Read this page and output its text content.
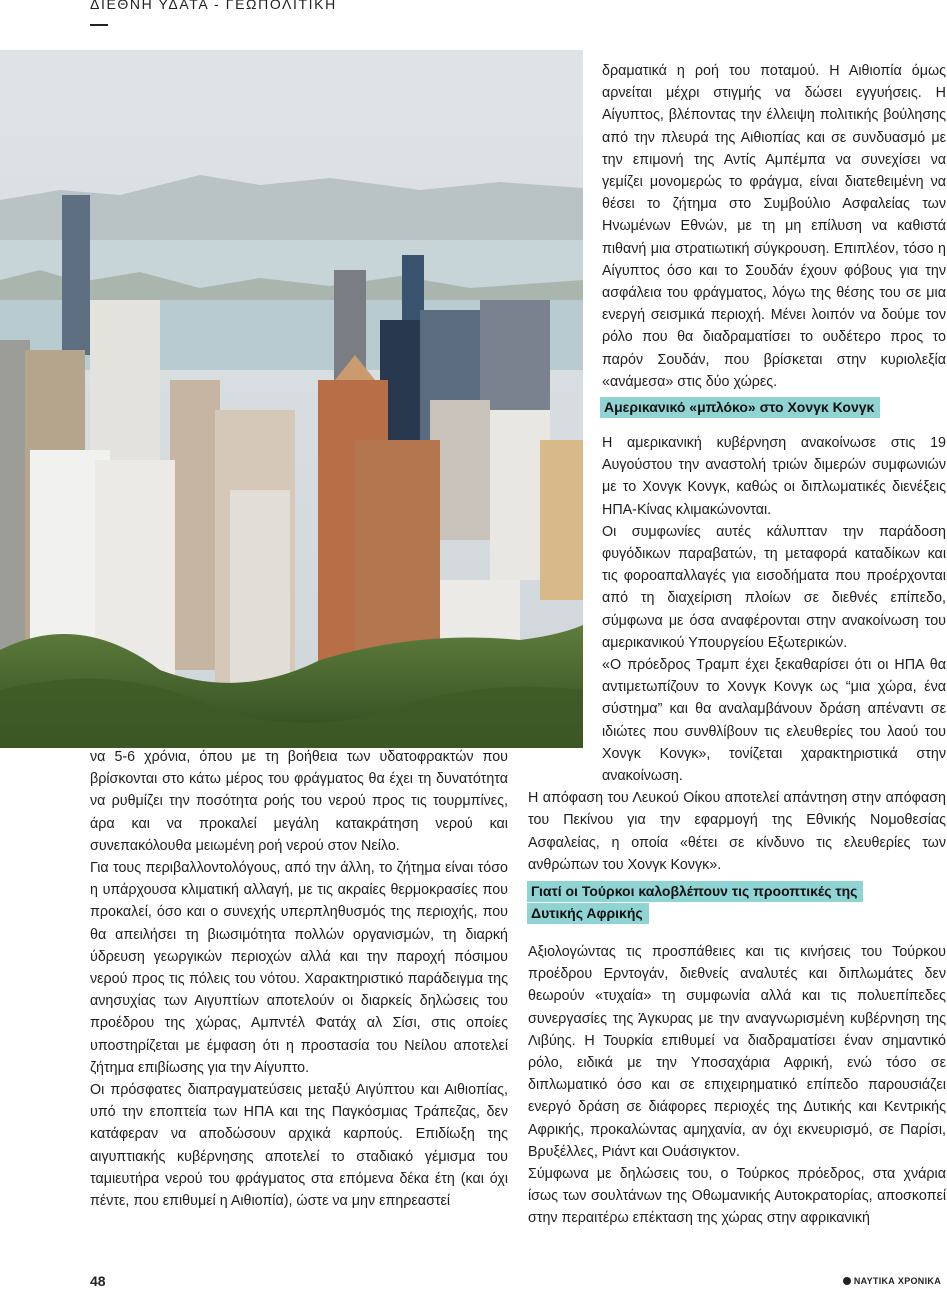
ΔΙΕΘΝΗ ΥΔΑΤΑ - ΓΕΩΠΟΛΙΤΙΚΗ

δραματικά η ροή του ποταμού. Η Αιθιοπία όμως αρνείται μέχρι στιγμής να δώσει εγγυήσεις. Η Αίγυπτος, βλέποντας την έλλειψη πολιτικής βούλησης από την πλευρά της Αιθιοπίας και σε συνδυασμό με την επιμονή της Αντίς Αμπέμπα να συνεχίσει να γεμίζει μονομερώς το φράγμα, είναι διατεθειμένη να θέσει το ζήτημα στο Συμβούλιο Ασφαλείας των Ηνωμένων Εθνών, με τη μη επίλυση να καθιστά πιθανή μια στρατιωτική σύγκρουση. Επιπλέον, τόσο η Αίγυπτος όσο και το Σουδάν έχουν φόβους για την ασφάλεια του φράγματος, λόγω της θέσης του σε μια ενεργή σεισμικά περιοχή. Μένει λοιπόν να δούμε τον ρόλο που θα διαδραματίσει το ουδέτερο προς το παρόν Σουδάν, που βρίσκεται στην κυριολεξία «ανάμεσα» στις δύο χώρες.

Αμερικανικό «μπλόκο» στο Χονγκ Κονγκ

Η αμερικανική κυβέρνηση ανακοίνωσε στις 19 Αυγούστου την αναστολή τριών διμερών συμφωνιών με το Χονγκ Κονγκ, καθώς οι διπλωματικές διενέξεις ΗΠΑ-Κίνας κλιμακώνονται.

Οι συμφωνίες αυτές κάλυπταν την παράδοση φυγόδικων παραβατών, τη μεταφορά καταδίκων και τις φοροαπαλλαγές για εισοδήματα που προέρχονται από τη διαχείριση πλοίων σε διεθνές επίπεδο, σύμφωνα με όσα αναφέρονται στην ανακοίνωση του αμερικανικού Υπουργείου Εξωτερικών.

«Ο πρόεδρος Τραμπ έχει ξεκαθαρίσει ότι οι ΗΠΑ θα αντιμετωπίζουν το Χονγκ Κονγκ ως “μια χώρα, ένα σύστημα” και θα αναλαμβάνουν δράση απέναντι σε ιδιώτες που συνθλίβουν τις ελευθερίες του λαού του Χονγκ Κονγκ», τονίζεται χαρακτηριστικά στην ανακοίνωση.

Η απόφαση του Λευκού Οίκου αποτελεί απάντηση στην απόφαση του Πεκίνου για την εφαρμογή της Εθνικής Νομοθεσίας Ασφαλείας, η οποία «θέτει σε κίνδυνο τις ελευθερίες των ανθρώπων του Χονγκ Κονγκ».

Γιατί οι Τούρκοι καλοβλέπουν τις προοπτικές της Δυτικής Αφρικής

Αξιολογώντας τις προσπάθειες και τις κινήσεις του Τούρκου προέδρου Ερντογάν, διεθνείς αναλυτές και διπλωμάτες δεν θεωρούν «τυχαία» τη συμφωνία αλλά και τις πολυεπίπεδες συνεργασίες της Άγκυρας με την αναγνωρισμένη κυβέρνηση της Λιβύης. Η Τουρκία επιθυμεί να διαδραματίσει έναν σημαντικό ρόλο, ειδικά με την Υποσαχάρια Αφρική, ενώ τόσο σε διπλωματικό όσο και σε επιχειρηματικό επίπεδο παρουσιάζει ενεργό δράση σε διάφορες περιοχές της Δυτικής και Κεντρικής Αφρικής, προκαλώντας αμηχανία, αν όχι εκνευρισμό, σε Παρίσι, Βρυξέλλες, Ριάντ και Ουάσιγκτον.

Σύμφωνα με δηλώσεις του, ο Τούρκος πρόεδρος, στα χνάρια ίσως των σουλτάνων της Οθωμανικής Αυτοκρατορίας, αποσκοπεί στην περαιτέρω επέκταση της χώρας στην αφρικανική

να 5-6 χρόνια, όπου με τη βοήθεια των υδατοφρακτών που βρίσκονται στο κάτω μέρος του φράγματος θα έχει τη δυνατότητα να ρυθμίζει την ποσότητα ροής του νερού προς τις τουρμπίνες, άρα και να προκαλεί μεγάλη κατακράτηση νερού και συνεπακόλουθα μειωμένη ροή νερού στον Νείλο.

Για τους περιβαλλοντολόγους, από την άλλη, το ζήτημα είναι τόσο η υπάρχουσα κλιματική αλλαγή, με τις ακραίες θερμοκρασίες που προκαλεί, όσο και ο συνεχής υπερπληθυσμός της περιοχής, που θα απειλήσει τη βιωσιμότητα πολλών οργανισμών, τη διαρκή ύδρευση γεωργικών περιοχών αλλά και την παροχή πόσιμου νερού προς τις πόλεις του νότου. Χαρακτηριστικό παράδειγμα της ανησυχίας των Αιγυπτίων αποτελούν οι διαρκείς δηλώσεις του προέδρου της χώρας, Αμπντέλ Φατάχ αλ Σίσι, στις οποίες υποστηρίζεται με έμφαση ότι η προστασία του Νείλου αποτελεί ζήτημα επιβίωσης για την Αίγυπτο.

Οι πρόσφατες διαπραγματεύσεις μεταξύ Αιγύπτου και Αιθιοπίας, υπό την εποπτεία των ΗΠΑ και της Παγκόσμιας Τράπεζας, δεν κατάφεραν να αποδώσουν αρχικά καρπούς. Επιδίωξη της αιγυπτιακής κυβέρνησης αποτελεί το σταδιακό γέμισμα του ταμιευτήρα νερού του φράγματος στα επόμενα δέκα έτη (και όχι πέντε, που επιθυμεί η Αιθιοπία), ώστε να μην επηρεαστεί

48	ΝΑΥΤΙΚΑ ΧΡΟΝΙΚΑ
